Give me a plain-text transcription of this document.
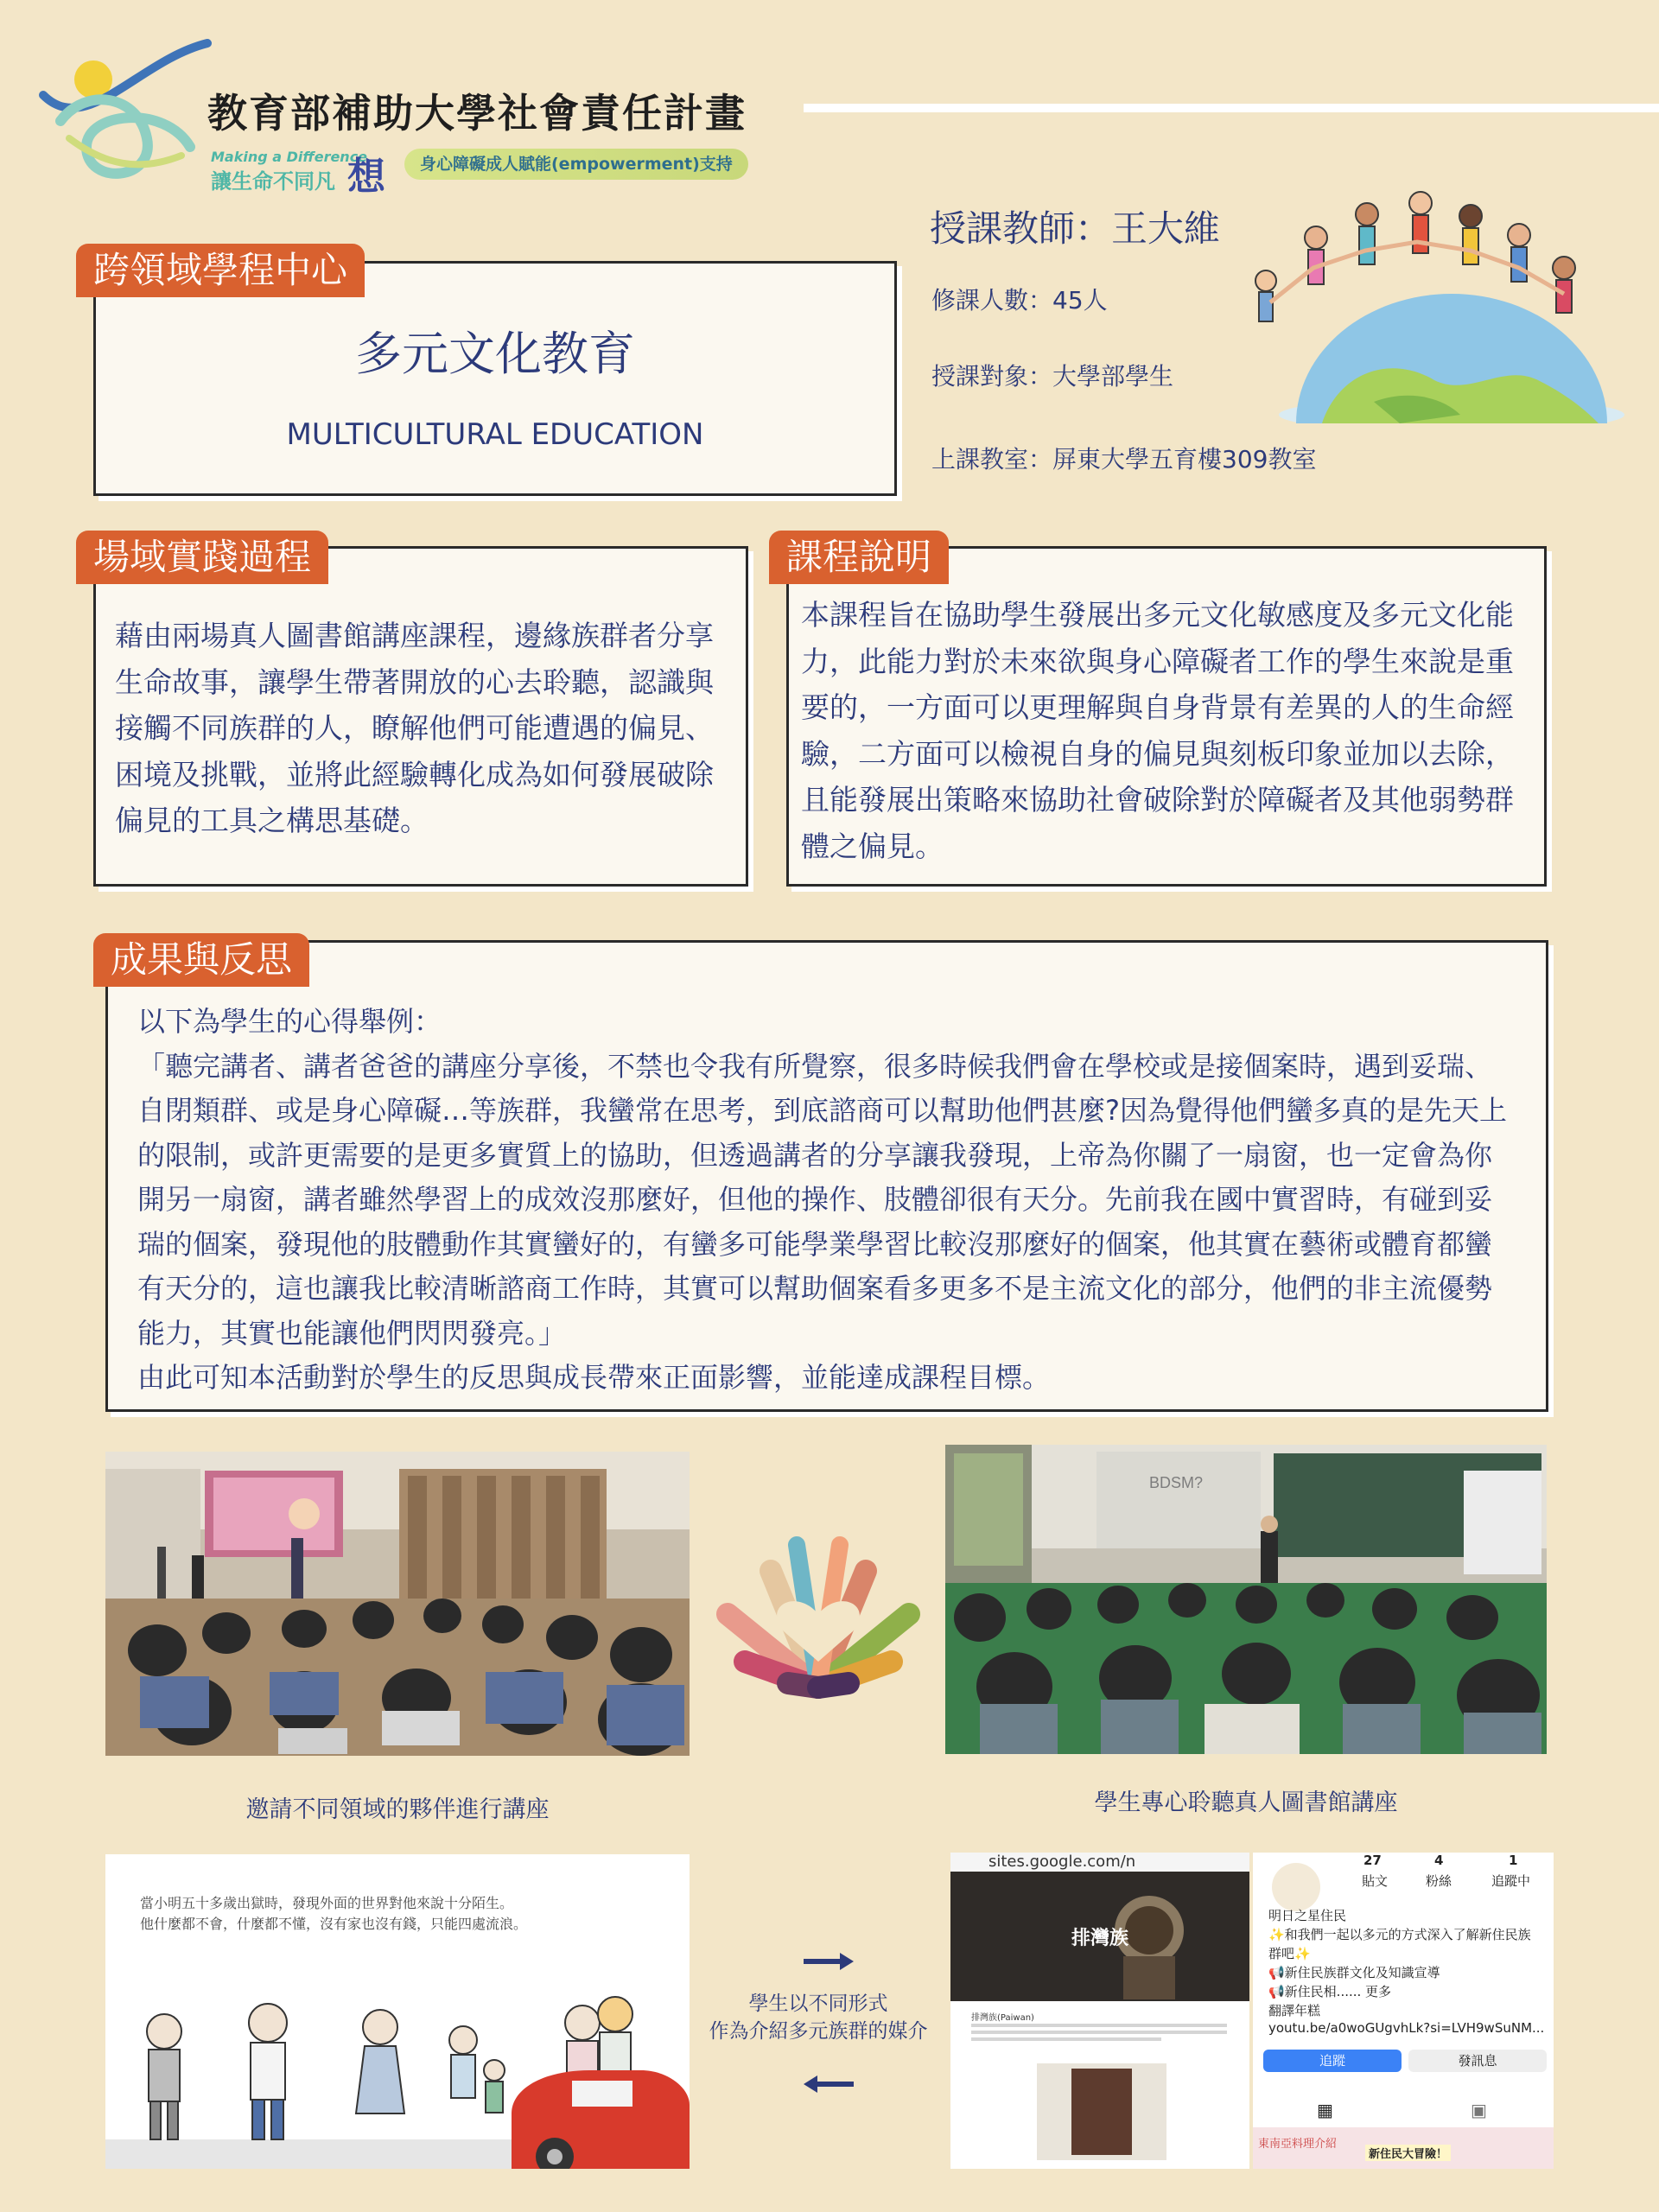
教育部補助大學社會責任計畫
Making a Difference
讓生命不同凡 想	身心障礙成人賦能(empowerment)支持
多元文化教育
MULTICULTURAL EDUCATION
跨領域學程中心
授課教師：王大維
修課人數：45人
授課對象：大學部學生
上課教室：屏東大學五育樓309教室
藉由兩場真人圖書館講座課程，邊緣族群者分享生命故事，讓學生帶著開放的心去聆聽，認識與接觸不同族群的人，瞭解他們可能遭遇的偏見、困境及挑戰，並將此經驗轉化成為如何發展破除偏見的工具之構思基礎。
場域實踐過程
本課程旨在協助學生發展出多元文化敏感度及多元文化能力，此能力對於未來欲與身心障礙者工作的學生來說是重要的，一方面可以更理解與自身背景有差異的人的生命經驗，二方面可以檢視自身的偏見與刻板印象並加以去除，且能發展出策略來協助社會破除對於障礙者及其他弱勢群體之偏見。
課程說明

以下為學生的心得舉例：

「聽完講者、講者爸爸的講座分享後，不禁也令我有所覺察，很多時候我們會在學校或是接個案時，遇到妥瑞、自閉類群、或是身心障礙…等族群，我蠻常在思考，到底諮商可以幫助他們甚麼?因為覺得他們蠻多真的是先天上的限制，或許更需要的是更多實質上的協助，但透過講者的分享讓我發現，上帝為你關了一扇窗，也一定會為你開另一扇窗，講者雖然學習上的成效沒那麼好，但他的操作、肢體卻很有天分。先前我在國中實習時，有碰到妥瑞的個案，發現他的肢體動作其實蠻好的，有蠻多可能學業學習比較沒那麼好的個案，他其實在藝術或體育都蠻有天分的，這也讓我比較清晰諮商工作時，其實可以幫助個案看多更多不是主流文化的部分，他們的非主流優勢能力，其實也能讓他們閃閃發亮。」

由此可知本活動對於學生的反思與成長帶來正面影響，並能達成課程目標。

成果與反思
邀請不同領域的夥伴進行講座
BDSM?
學生專心聆聽真人圖書館講座
當小明五十多歲出獄時，發現外面的世界對他來說十分陌生。
他什麼都不會，什麼都不懂，沒有家也沒有錢，只能四處流浪。
學生以不同形式
作為介紹多元族群的媒介
sites.google.com/n
排灣族
排灣族(Paiwan)
27
貼文
4
粉絲
1
追蹤中
明日之星住民
✨和我們一起以多元的方式深入了解新住民族群吧✨
📢新住民族群文化及知識宣導
📢新住民相...... 更多
翻譯年糕
youtu.be/a0woGUgvhLk?si=LVH9wSuNM...
追蹤	發訊息
▦	▣
東南亞料理介紹
新住民大冒險！
